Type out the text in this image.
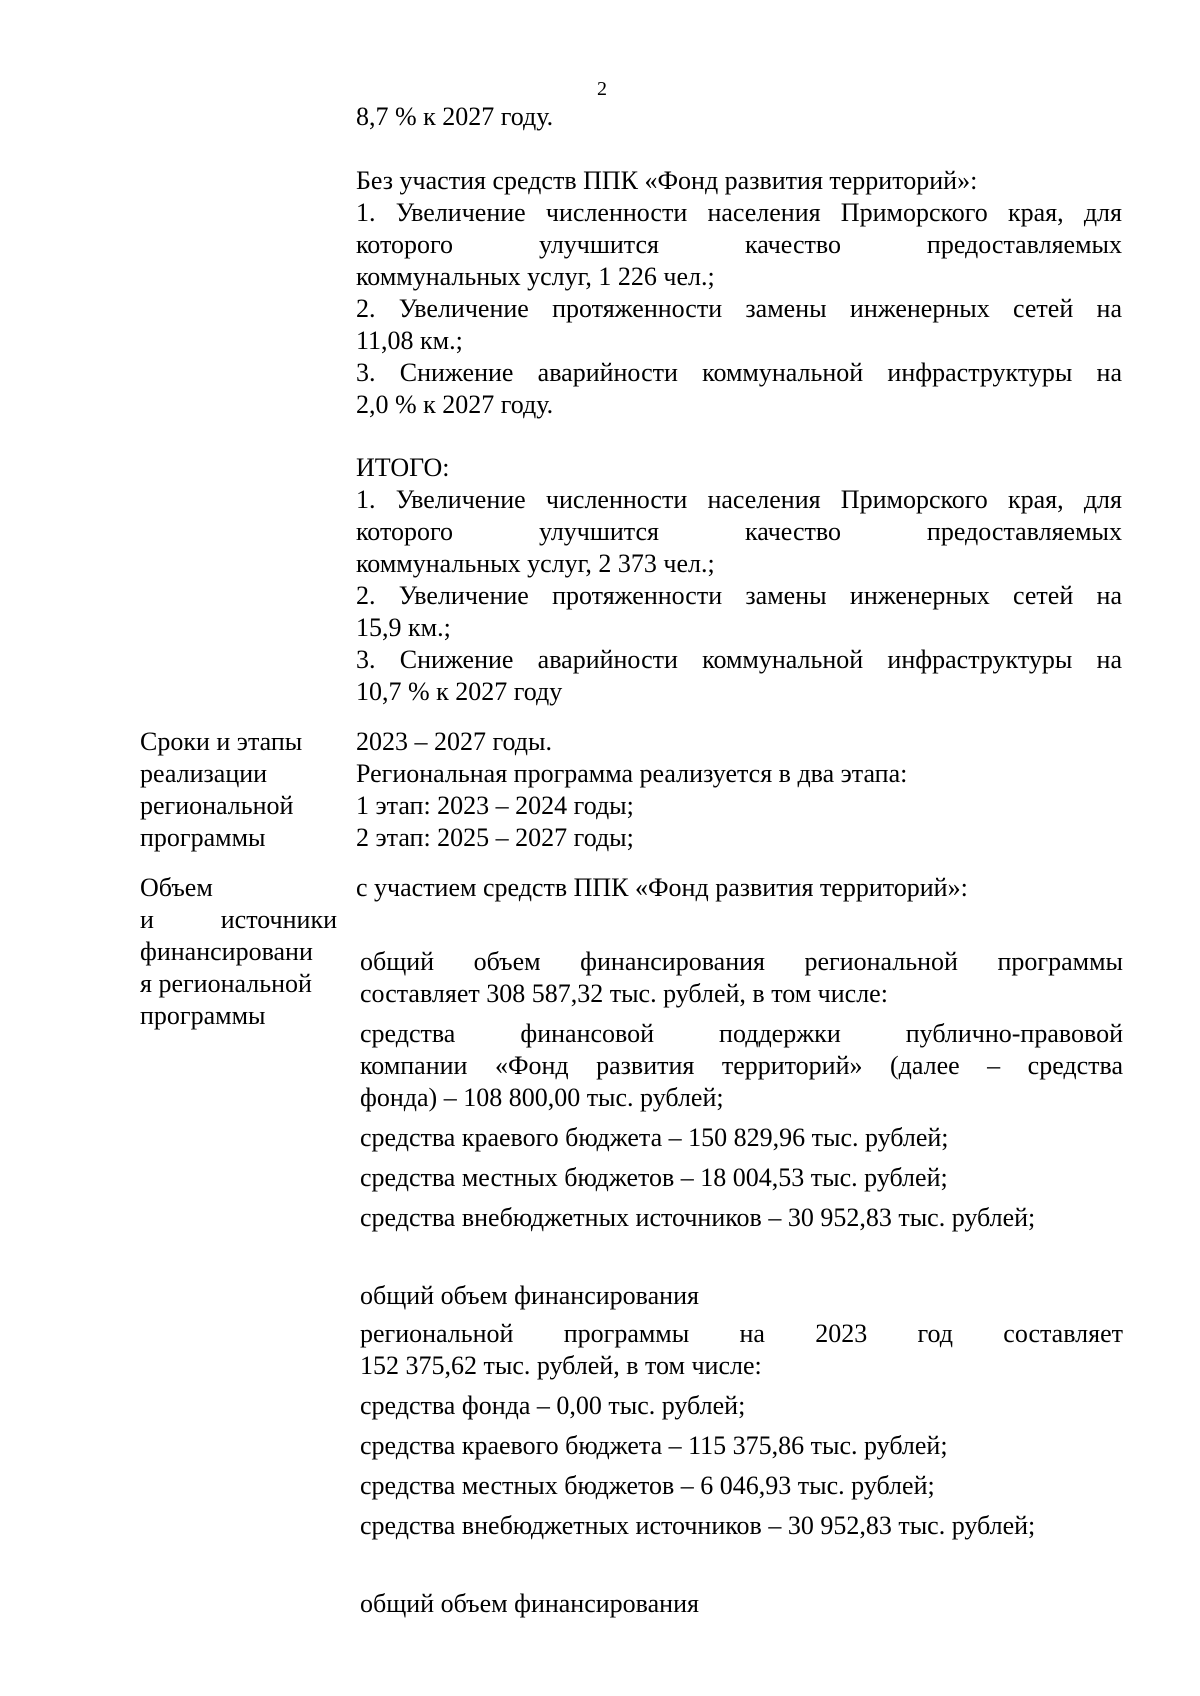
2
8,7 % к 2027 году.
Без участия средств ППК «Фонд развития территорий»:
1. Увеличение численности населения Приморского края, для
которого улучшится качество предоставляемых
коммунальных услуг, 1 226 чел.;
2. Увеличение протяженности замены инженерных сетей на
11,08 км.;
3. Снижение аварийности коммунальной инфраструктуры на
2,0 % к 2027 году.
ИТОГО:
1. Увеличение численности населения Приморского края, для
которого улучшится качество предоставляемых
коммунальных услуг, 2 373 чел.;
2. Увеличение протяженности замены инженерных сетей на
15,9 км.;
3. Снижение аварийности коммунальной инфраструктуры на
10,7 % к 2027 году
Сроки и этапы
реализации
региональной
программы
2023 – 2027 годы.
Региональная программа реализуется в два этапа:
1 этап: 2023 – 2024 годы;
2 этап: 2025 – 2027 годы;
Объем
и источники
финансировани
я региональной
программы
с участием средств ППК «Фонд развития территорий»:
общий объем финансирования региональной программы
составляет 308 587,32 тыс. рублей, в том числе:
средства финансовой поддержки публично-правовой
компании «Фонд развития территорий» (далее – средства
фонда) – 108 800,00 тыс. рублей;
средства краевого бюджета – 150 829,96 тыс. рублей;
средства местных бюджетов – 18 004,53 тыс. рублей;
средства внебюджетных источников – 30 952,83 тыс. рублей;
общий объем финансирования
региональной программы на 2023 год составляет
152 375,62 тыс. рублей, в том числе:
средства фонда – 0,00 тыс. рублей;
средства краевого бюджета – 115 375,86 тыс. рублей;
средства местных бюджетов – 6 046,93 тыс. рублей;
средства внебюджетных источников – 30 952,83 тыс. рублей;
общий объем финансирования
